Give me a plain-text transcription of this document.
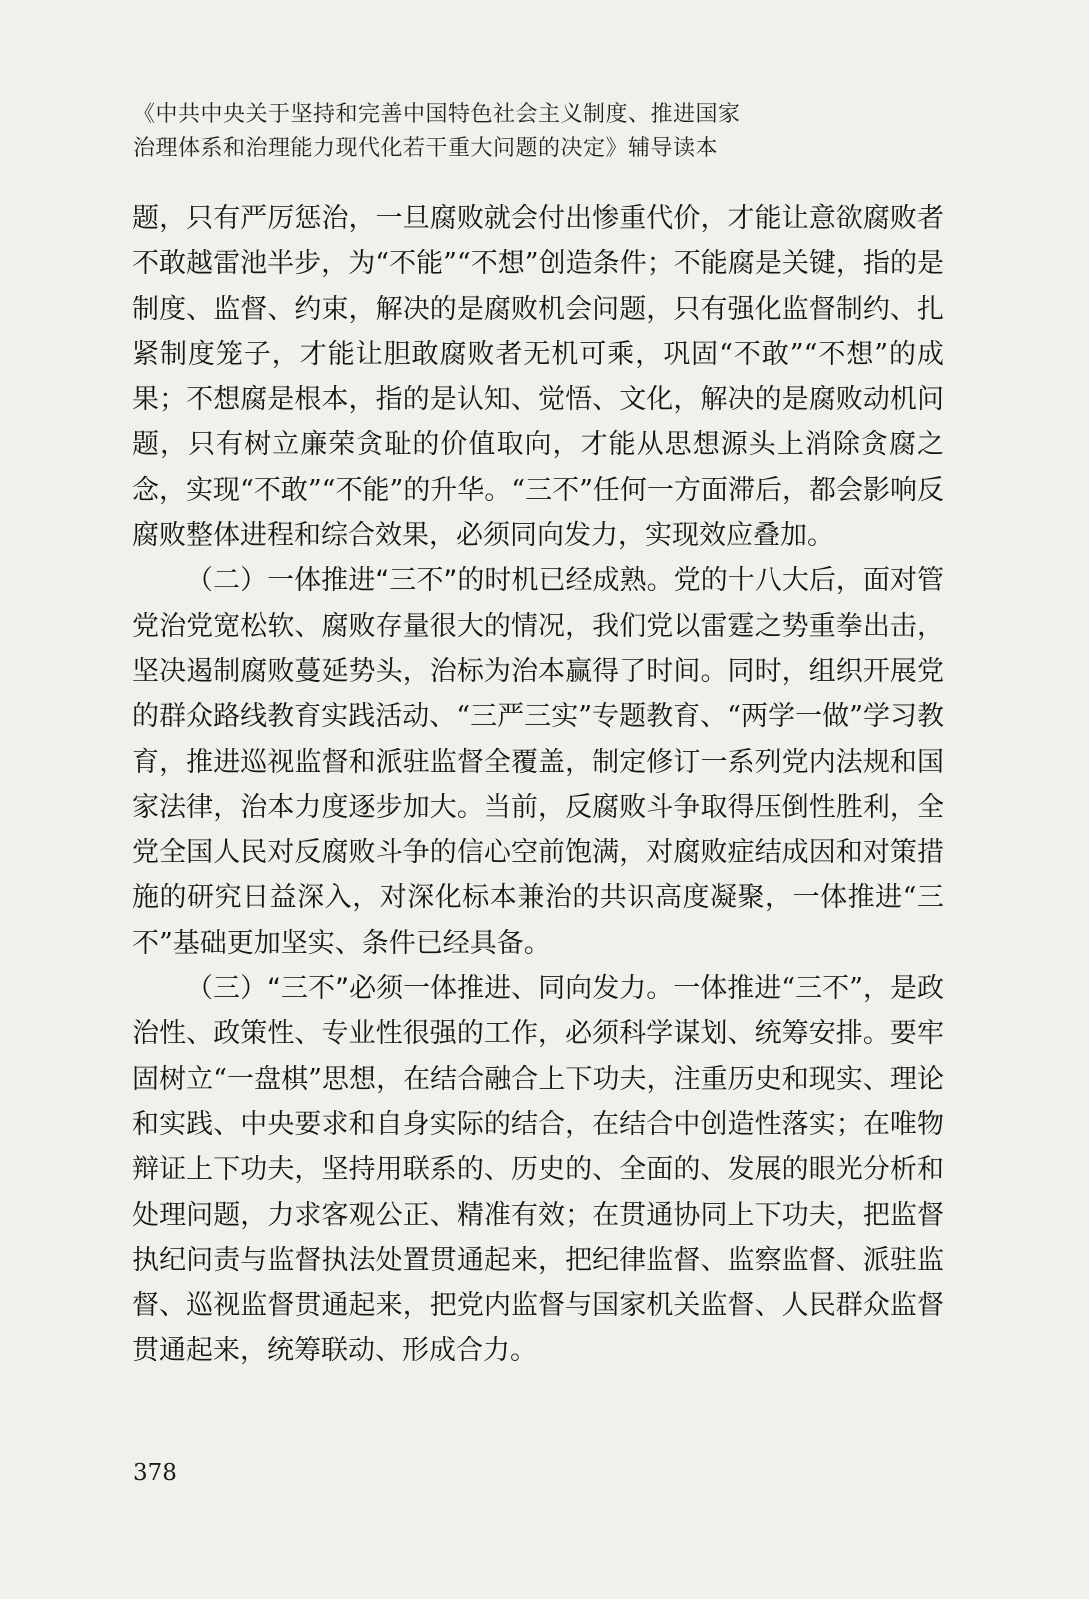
《中共中央关于坚持和完善中国特色社会主义制度、推进国家
治理体系和治理能力现代化若干重大问题的决定》辅导读本

题，只有严厉惩治，一旦腐败就会付出惨重代价，才能让意欲腐败者不敢越雷池半步，为“不能”“不想”创造条件；不能腐是关键，指的是制度、监督、约束，解决的是腐败机会问题，只有强化监督制约、扎紧制度笼子，才能让胆敢腐败者无机可乘，巩固“不敢”“不想”的成果；不想腐是根本，指的是认知、觉悟、文化，解决的是腐败动机问题，只有树立廉荣贪耻的价值取向，才能从思想源头上消除贪腐之念，实现“不敢”“不能”的升华。“三不”任何一方面滞后，都会影响反腐败整体进程和综合效果，必须同向发力，实现效应叠加。

（二）一体推进“三不”的时机已经成熟。党的十八大后，面对管党治党宽松软、腐败存量很大的情况，我们党以雷霆之势重拳出击，坚决遏制腐败蔓延势头，治标为治本赢得了时间。同时，组织开展党的群众路线教育实践活动、“三严三实”专题教育、“两学一做”学习教育，推进巡视监督和派驻监督全覆盖，制定修订一系列党内法规和国家法律，治本力度逐步加大。当前，反腐败斗争取得压倒性胜利，全党全国人民对反腐败斗争的信心空前饱满，对腐败症结成因和对策措施的研究日益深入，对深化标本兼治的共识高度凝聚，一体推进“三不”基础更加坚实、条件已经具备。

（三）“三不”必须一体推进、同向发力。一体推进“三不”，是政治性、政策性、专业性很强的工作，必须科学谋划、统筹安排。要牢固树立“一盘棋”思想，在结合融合上下功夫，注重历史和现实、理论和实践、中央要求和自身实际的结合，在结合中创造性落实；在唯物辩证上下功夫，坚持用联系的、历史的、全面的、发展的眼光分析和处理问题，力求客观公正、精准有效；在贯通协同上下功夫，把监督执纪问责与监督执法处置贯通起来，把纪律监督、监察监督、派驻监督、巡视监督贯通起来，把党内监督与国家机关监督、人民群众监督贯通起来，统筹联动、形成合力。

378
